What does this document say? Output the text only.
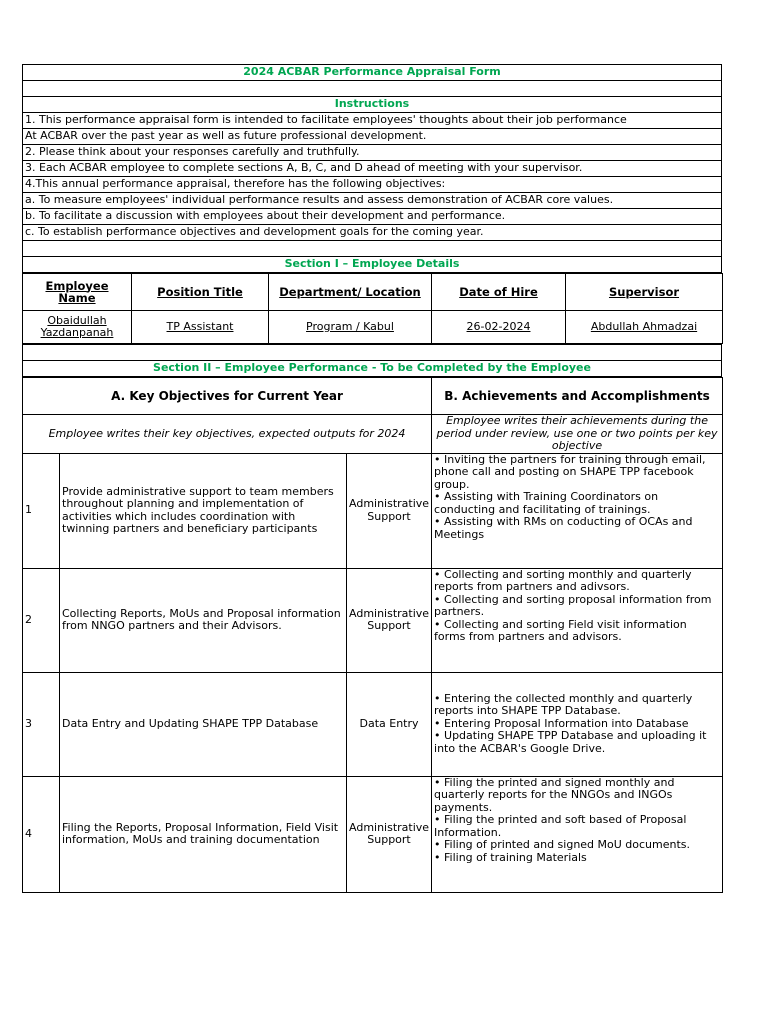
2024 ACBAR Performance Appraisal Form

Instructions
1. This performance appraisal form is intended to facilitate employees' thoughts about their job performance
At ACBAR over the past year as well as future professional development.
2. Please think about your responses carefully and truthfully.
3. Each ACBAR employee to complete sections A, B, C, and D ahead of meeting with your supervisor.
4.This annual performance appraisal, therefore has the following objectives:
a. To measure employees' individual performance results and assess demonstration of ACBAR core values.
b. To facilitate a discussion with employees about their development and performance.
c. To establish performance objectives and development goals for the coming year.

Section I – Employee Details
Employee Name	Position Title	Department/ Location	Date of Hire	Supervisor
Obaidullah Yazdanpanah	TP Assistant	Program / Kabul	26-02-2024	Abdullah Ahmadzai

Section II – Employee Performance - To be Completed by the Employee
A. Key Objectives for Current Year			B. Achievements and Accomplishments
Employee writes their key objectives, expected outputs for 2024			Employee writes their achievements during the period under review, use one or two points per key objective
1	Provide administrative support to team members throughout planning and implementation of activities which includes coordination with twinning partners and beneficiary participants	Administrative Support	• Inviting the partners for training through email, phone call and posting on SHAPE TPP facebook group.
• Assisting with Training Coordinators on conducting and facilitating of trainings.
• Assisting with RMs on coducting of OCAs and Meetings

2	Collecting Reports, MoUs and Proposal information from NNGO partners and their Advisors.	Administrative Support	• Collecting and sorting monthly and quarterly reports from partners and adivsors.
• Collecting and sorting proposal information from partners.
• Collecting and sorting Field visit information forms from partners and advisors.

3	Data Entry and Updating SHAPE TPP Database	Data Entry	• Entering the collected monthly and quarterly reports into SHAPE TPP Database.
• Entering Proposal Information into Database
• Updating SHAPE TPP Database and uploading it into the ACBAR's Google Drive.

4	Filing the Reports, Proposal Information, Field Visit information, MoUs and training documentation	Administrative Support	• Filing the printed and signed monthly and quarterly reports for the NNGOs and INGOs payments.
• Filing the printed and soft based of Proposal Information.
• Filing of printed and signed MoU documents.
• Filing of training Materials
